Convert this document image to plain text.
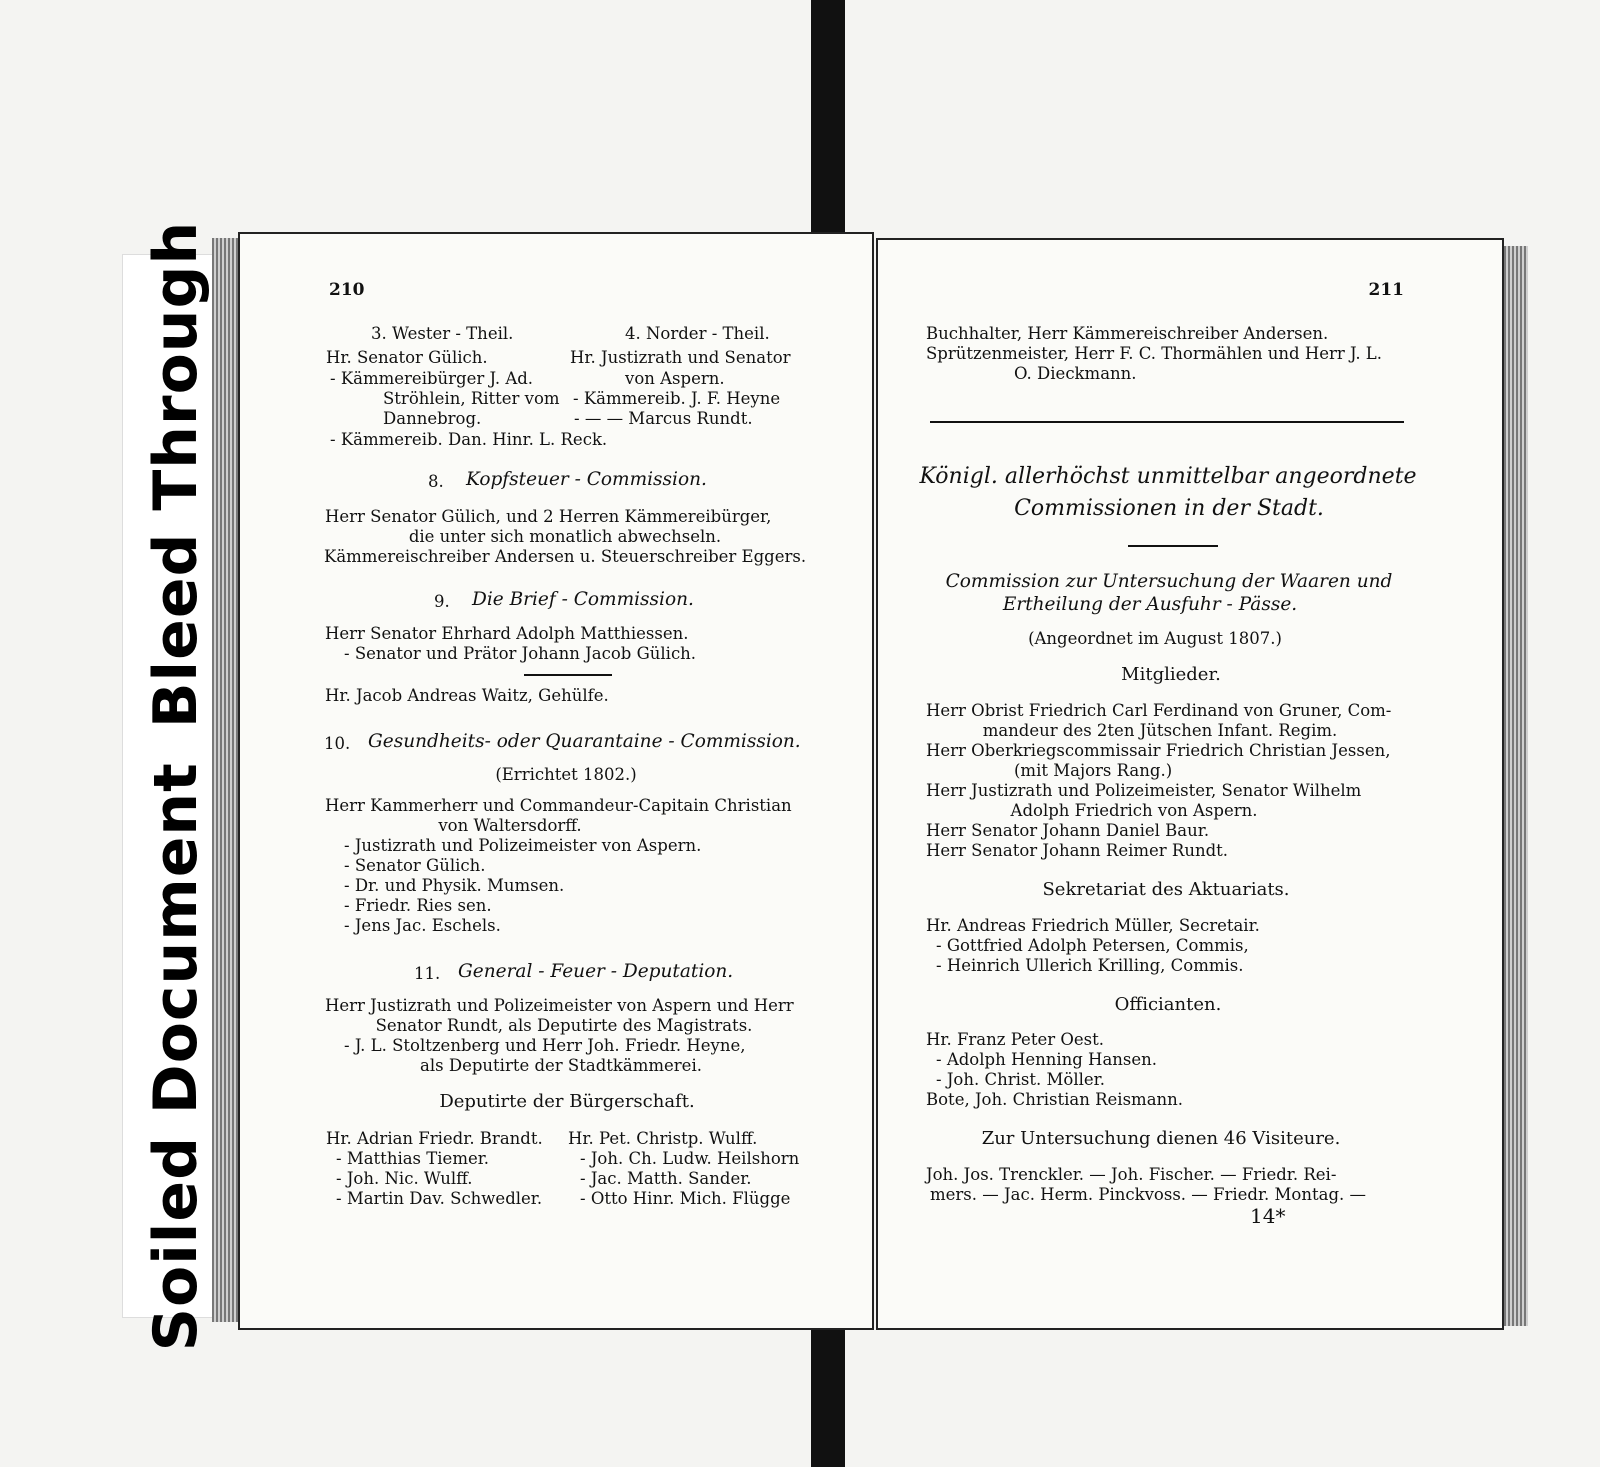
Soiled DocumentBleed Through	210
3. Wester - Theil.	4. Norder - Theil.
Hr. Senator Gülich.
- Kämmereibürger J. Ad.
Ströhlein, Ritter vom
Dannebrog.
- Kämmereib. Dan. Hinr. L. Reck.
Hr. Justizrath und Senator
von Aspern.
- Kämmereib. J. F. Heyne
- — — Marcus Rundt.
8. Kopfsteuer - Commission.
Herr Senator Gülich, und 2 Herren Kämmereibürger,
die unter sich monatlich abwechseln.
Kämmereischreiber Andersen u. Steuerschreiber Eggers.
9. Die Brief - Commission.
Herr Senator Ehrhard Adolph Matthiessen.
- Senator und Prätor Johann Jacob Gülich.
Hr. Jacob Andreas Waitz, Gehülfe.
10. Gesundheits- oder Quarantaine - Commission.
(Errichtet 1802.)
Herr Kammerherr und Commandeur-Capitain Christian
von Waltersdorff.
- Justizrath und Polizeimeister von Aspern.
- Senator Gülich.
- Dr. und Physik. Mumsen.
- Friedr. Ries sen.
- Jens Jac. Eschels.
11. General - Feuer - Deputation.
Herr Justizrath und Polizeimeister von Aspern und Herr
Senator Rundt, als Deputirte des Magistrats.
- J. L. Stoltzenberg und Herr Joh. Friedr. Heyne,
als Deputirte der Stadtkämmerei.
Deputirte der Bürgerschaft.
Hr. Adrian Friedr. Brandt.
- Matthias Tiemer.
- Joh. Nic. Wulff.
- Martin Dav. Schwedler.
Hr. Pet. Christp. Wulff.
- Joh. Ch. Ludw. Heilshorn
- Jac. Matth. Sander.
- Otto Hinr. Mich. Flügge
211
Buchhalter, Herr Kämmereischreiber Andersen.
Sprützenmeister, Herr F. C. Thormählen und Herr J. L.
O. Dieckmann.
Königl. allerhöchst unmittelbar angeordnete
Commissionen in der Stadt.
Commission zur Untersuchung der Waaren und
Ertheilung der Ausfuhr - Pässe.
(Angeordnet im August 1807.)
Mitglieder.
Herr Obrist Friedrich Carl Ferdinand von Gruner, Com-
mandeur des 2ten Jütschen Infant. Regim.
Herr Oberkriegscommissair Friedrich Christian Jessen,
(mit Majors Rang.)
Herr Justizrath und Polizeimeister, Senator Wilhelm
Adolph Friedrich von Aspern.
Herr Senator Johann Daniel Baur.
Herr Senator Johann Reimer Rundt.
Sekretariat des Aktuariats.
Hr. Andreas Friedrich Müller, Secretair.
- Gottfried Adolph Petersen, Commis,
- Heinrich Ullerich Krilling, Commis.
Officianten.
Hr. Franz Peter Oest.
- Adolph Henning Hansen.
- Joh. Christ. Möller.
Bote, Joh. Christian Reismann.
Zur Untersuchung dienen 46 Visiteure.
Joh. Jos. Trenckler. — Joh. Fischer. — Friedr. Rei-
mers. — Jac. Herm. Pinckvoss. — Friedr. Montag. —
14*
